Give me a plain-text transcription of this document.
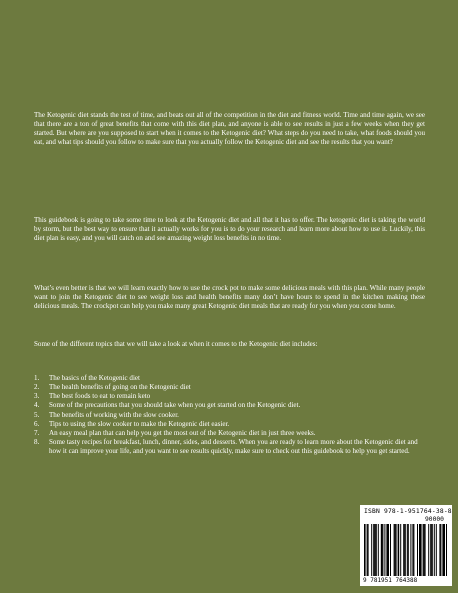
The Ketogenic diet stands the test of time, and beats out all of the competition in the diet and fitness world. Time and time again, we see that there are a ton of great benefits that come with this diet plan, and anyone is able to see results in just a few weeks when they get started. But where are you supposed to start when it comes to the Ketogenic diet? What steps do you need to take, what foods should you eat, and what tips should you follow to make sure that you actually follow the Ketogenic diet and see the results that you want?

This guidebook is going to take some time to look at the Ketogenic diet and all that it has to offer. The ketogenic diet is taking the world by storm, but the best way to ensure that it actually works for you is to do your research and learn more about how to use it. Luckily, this diet plan is easy, and you will catch on and see amazing weight loss benefits in no time.

What’s even better is that we will learn exactly how to use the crock pot to make some delicious meals with this plan. While many people want to join the Ketogenic diet to see weight loss and health benefits many don’t have hours to spend in the kitchen making these delicious meals. The crockpot can help you make many great Ketogenic diet meals that are ready for you when you come home.

Some of the different topics that we will take a look at when it comes to the Ketogenic diet includes:

1. The basics of the Ketogenic diet
2. The health benefits of going on the Ketogenic diet
3. The best foods to eat to remain keto
4. Some of the precautions that you should take when you get started on the Ketogenic diet.
5. The benefits of working with the slow cooker.
6. Tips to using the slow cooker to make the Ketogenic diet easier.
7. An easy meal plan that can help you get the most out of the Ketogenic diet in just three weeks.
8. Some tasty recipes for breakfast, lunch, dinner, sides, and desserts. When you are ready to learn more about the Ketogenic diet and how it can improve your life, and you want to see results quickly, make sure to check out this guidebook to help you get started.
ISBN 978-1-951764-38-8
90000
9 781951 764388
